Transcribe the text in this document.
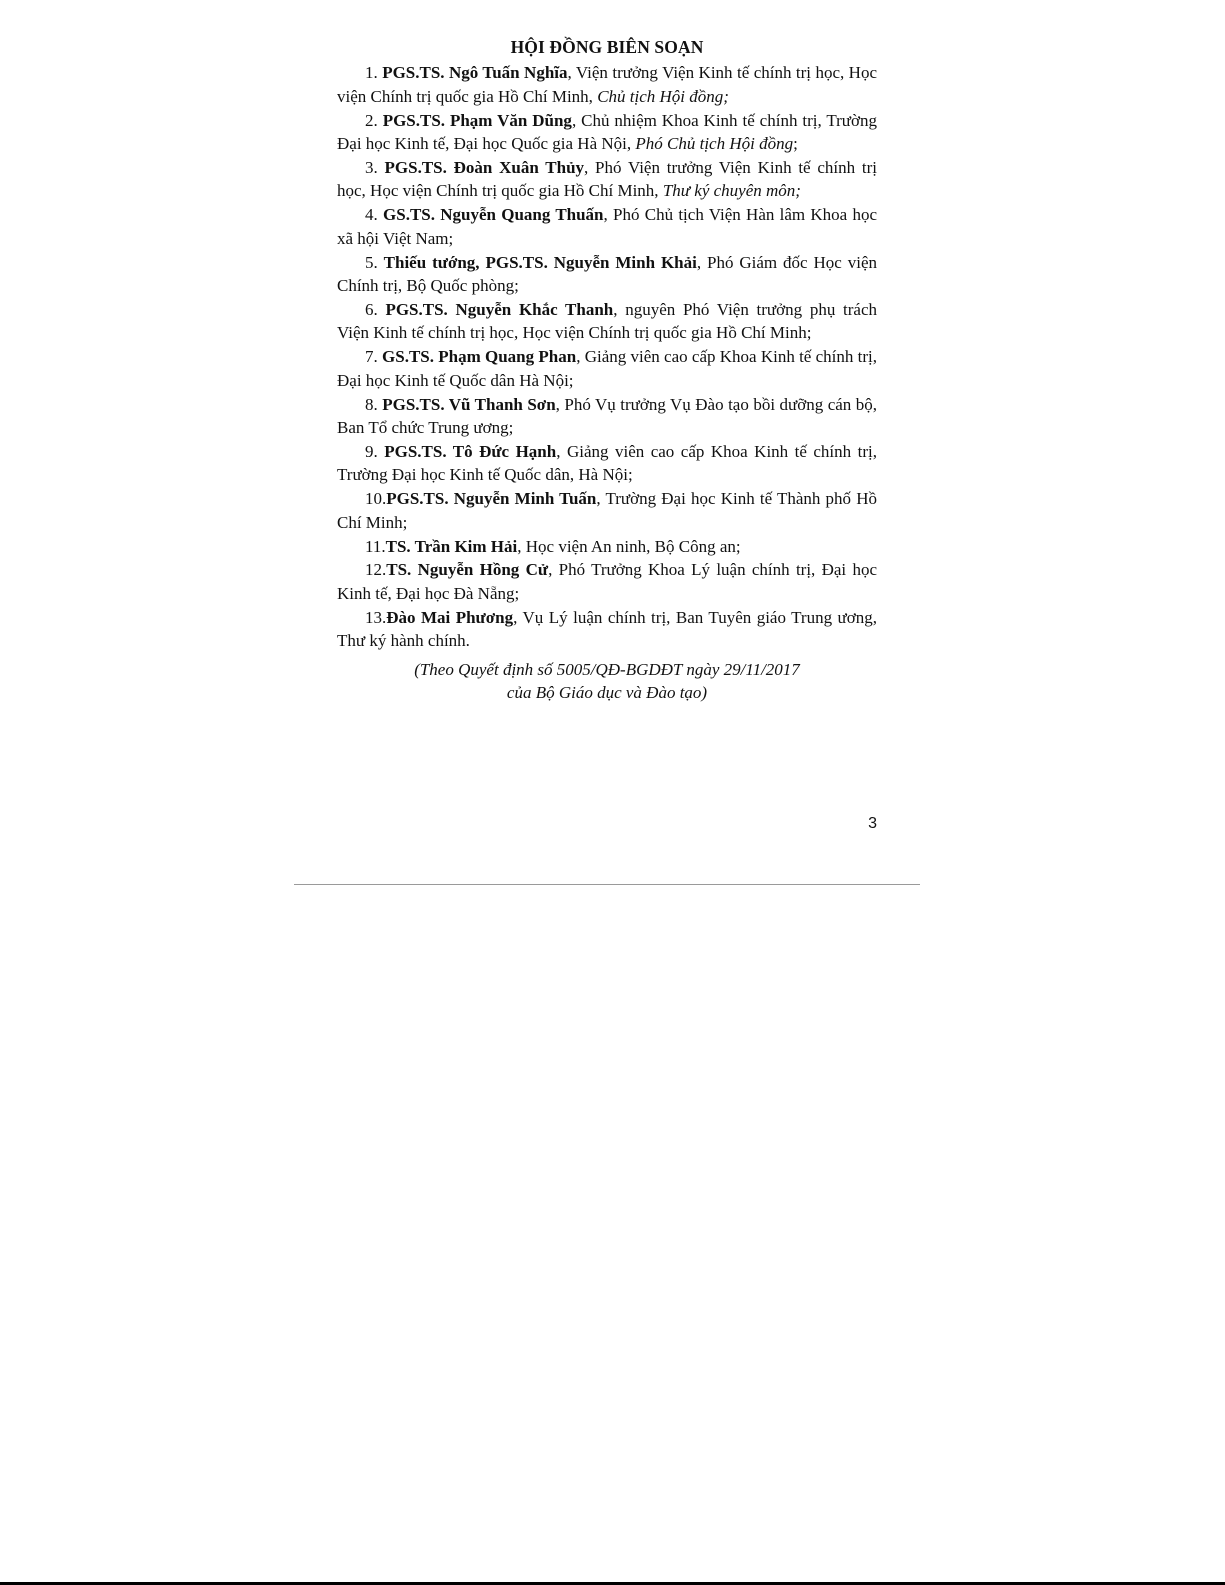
HỘI ĐỒNG BIÊN SOẠN

1. PGS.TS. Ngô Tuấn Nghĩa, Viện trưởng Viện Kinh tế chính trị học, Học viện Chính trị quốc gia Hồ Chí Minh, Chủ tịch Hội đồng;

2. PGS.TS. Phạm Văn Dũng, Chủ nhiệm Khoa Kinh tế chính trị, Trường Đại học Kinh tế, Đại học Quốc gia Hà Nội, Phó Chủ tịch Hội đồng;

3. PGS.TS. Đoàn Xuân Thủy, Phó Viện trưởng Viện Kinh tế chính trị học, Học viện Chính trị quốc gia Hồ Chí Minh, Thư ký chuyên môn;

4. GS.TS. Nguyễn Quang Thuấn, Phó Chủ tịch Viện Hàn lâm Khoa học xã hội Việt Nam;

5. Thiếu tướng, PGS.TS. Nguyễn Minh Khải, Phó Giám đốc Học viện Chính trị, Bộ Quốc phòng;

6. PGS.TS. Nguyễn Khắc Thanh, nguyên Phó Viện trưởng phụ trách Viện Kinh tế chính trị học, Học viện Chính trị quốc gia Hồ Chí Minh;

7. GS.TS. Phạm Quang Phan, Giảng viên cao cấp Khoa Kinh tế chính trị, Đại học Kinh tế Quốc dân Hà Nội;

8. PGS.TS. Vũ Thanh Sơn, Phó Vụ trưởng Vụ Đào tạo bồi dưỡng cán bộ, Ban Tổ chức Trung ương;

9. PGS.TS. Tô Đức Hạnh, Giảng viên cao cấp Khoa Kinh tế chính trị, Trường Đại học Kinh tế Quốc dân, Hà Nội;

10.PGS.TS. Nguyễn Minh Tuấn, Trường Đại học Kinh tế Thành phố Hồ Chí Minh;

11.TS. Trần Kim Hải, Học viện An ninh, Bộ Công an;

12.TS. Nguyễn Hồng Cử, Phó Trưởng Khoa Lý luận chính trị, Đại học Kinh tế, Đại học Đà Nẵng;

13.Đào Mai Phương, Vụ Lý luận chính trị, Ban Tuyên giáo Trung ương, Thư ký hành chính.

(Theo Quyết định số 5005/QĐ-BGDĐT ngày 29/11/2017
của Bộ Giáo dục và Đào tạo)
3
